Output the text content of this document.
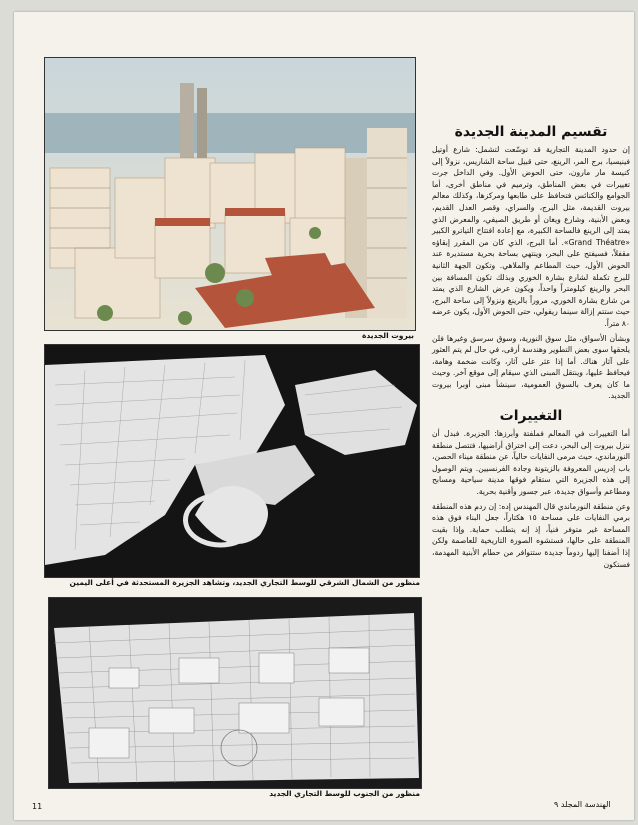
بيروت الجديدة
منظور من الشمال الشرقي للوسط التجاري الجديد، وتشاهد الجزيرة المستحدثة في أعلى اليمين
منظور من الجنوب للوسط التجاري الجديد
تقسيم المدينة الجديدة

إن حدود المدينة التجارية قد توسّعت لتشمل: شارع أوتيل فينيسيا، برج المر، الرينغ، حتى قبيل ساحة الشاريس، نزولاً إلى كنيسة مار مارون، حتى الحوض الأول. وفي الداخل جرت تغييرات في بعض المناطق، وترميم في مناطق أخرى، أما الجوامع والكنائس فتحافظ على طابعها ومركزها، وكذلك معالم بيروت القديمة، مثل البرج، والسراي، وقصر العدل القديم، وبعض الأبنية، وشارع ويغان أو طريق الصيفي، والمعرض الذي يمتد إلى الرينغ فالساحة الكبيرة، مع إعادة افتتاح التياترو الكبير «Grand Théatre». أما البرج، الذي كان من المقرر إبقاؤه مقفلاً، فسيفتح على البحر، وينتهي بساحة بحرية مستديرة عند الحوض الأول، حيث المطاعم والملاهي. وتكون الجهة الثانية للبرج تكملة لشارع بشارة الخوري وبذلك تكون المسافة بين البحر والرينغ كيلومتراً واحداً، ويكون عرض الشارع الذي يمتد من شارع بشارة الخوري، مروراً بالرينغ ونزولاً إلى ساحة البرج، حيث ستتم إزالة سينما ريفولي، حتى الحوض الأول، يكون عرضه ٨٠ متراً.

وبشأن الأسواق، مثل سوق النورية، وسوق سرسق وغيرها فلن يلحقها سوى بعض التطوير وهندسة أرقى، في حال لم يتم العثور على آثار هناك. أما إذا عثر على آثار، وكانت ضخمة وهامة، فيحافظ عليها، وينتقل المبنى الذي سيقام إلى موقع آخر. وحيث ما كان يعرف بالسوق العمومية، سينشأ مبنى أوبرا بيروت الجديد.

التغييرات

أما التغييرات في المعالم فملفتة وأبرزها: الجزيرة. فبدل أن ننزل بيروت إلى البحر، دعت إلى اختراق أراضيها، فتتصل منطقة النورماندي، حيث مرمى النفايات حالياً، عن منطقة ميناء الحصن، باب إدريس المعروفة بالزيتونة وجادة الفرنسيين. ويتم الوصول إلى هذه الجزيرة التي ستقام فوقها مدينة سياحية ومسابح ومطاعم وأسواق جديدة، عبر جسور وأقنية بحرية.

وعن منطقة النورماندي قال المهندس إده: إن ردم هذه المنطقة برمي النفايات على مساحة ١٥ هكتاراً، جعل البناء فوق هذه المساحة غير متوفر فنياً، إذ إنه يتطلب حماية. وإذا بقيت المنطقة على حالها، فستشوه الصورة التاريخية للعاصمة ولكن إذا أضفنا إليها ردوماً جديدة ستتوافر من حطام الأبنية المهدمة، فستكون

11	الهندسة المجلد ٩
